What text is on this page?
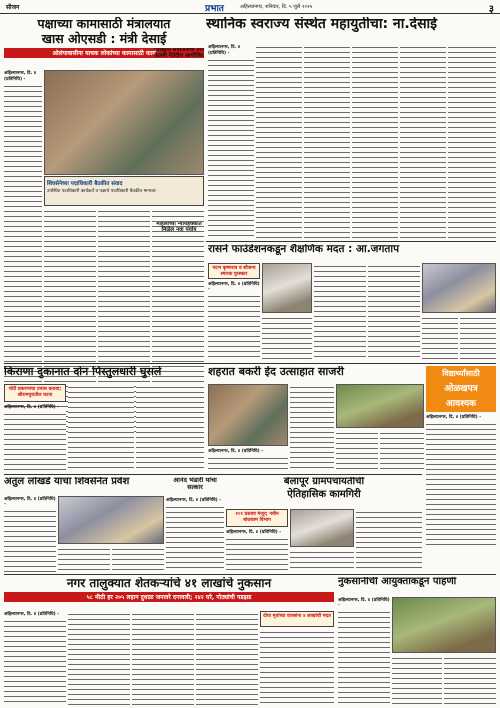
सीजन	प्रभात	अहिल्यानगर, शनिवार, दि. ५ जुलै २०२५	३
पक्षाच्या कामासाठी मंत्रालयात
खास ओएसडी : मंत्री देसाई
ओलंपावासीना याचक लोकांच्या कामासाठी कार्य
शिवसेनेच्या पदाधिकारी बैठकीत संवाद
उपस्थित पदाधिकारी कार्यकर्ते व पक्षाचे पदाधिकारी बैठकीत मान्यवर
अहिल्यानगर, दि. ४ (प्रतिनिधि) -
जिल्ह्यात संयोजनाची तीन कलमी नेतेदौरा आयोजित
स्थानिक स्वराज्य संस्थेत महायुतीचा: ना.देसाई
अहिल्यानगर, दि. ४ (प्रतिनिधि) -
महिलांच्या न्यायहक्कांत मिळेल नवा पर्याय
रासने फाउंडेशनकडून शैक्षणिक मदत : आ.जगताप
पदभ कृष्णराव व सौजन्य स्मारक पुरस्कार
अहिल्यानगर, दि. ४ (प्रतिनिधि) -
किराणा दुकानात दोन पिस्तुलधारी घुसले
चोरी प्रकरणाचा तपास करावा; श्रीरामपुरातील घटना
अहिल्यानगर, दि. ४ (प्रतिनिधि) -
शहरात बकरी ईद उत्साहात साजरी
अहिल्यानगर, दि. ४ (प्रतिनिधि) -
विद्यार्थ्यांसाठी
ओळखपत्र
आवश्यक
अहिल्यानगर, दि. ४ (प्रतिनिधि) -
अतुल लोखंडे यांचा शिवसेनेत प्रवेश
अहिल्यानगर, दि. ४ (प्रतिनिधि) -
आनंद भंडारी यांचा सत्कार
अहिल्यानगर, दि. ४ (प्रतिनिधि) -
बेलापूर ग्रामपंचायतीची
ऐतिहासिक कामगिरी
१०१ प्रस्ताव मंजूर; नवीन बांधकाम विभाग
अहिल्यानगर, दि. ४ (प्रतिनिधि) -
नगर तालुक्यात शेतकऱ्यांचे ४१ लाखांचे नुकसान
५८ मीठी हर २०५ लहान दुधाळ जनावरे दगावली; २४२ घरे, गोठ्यांची पडझड
अहिल्यानगर, दि. ४ (प्रतिनिधि) -	दोघा मृतांच्या वारसांना ४ लाखांची मदत
नुकसानीची आयुक्तांकडून पाहणी
अहिल्यानगर, दि. ४ (प्रतिनिधि) -
